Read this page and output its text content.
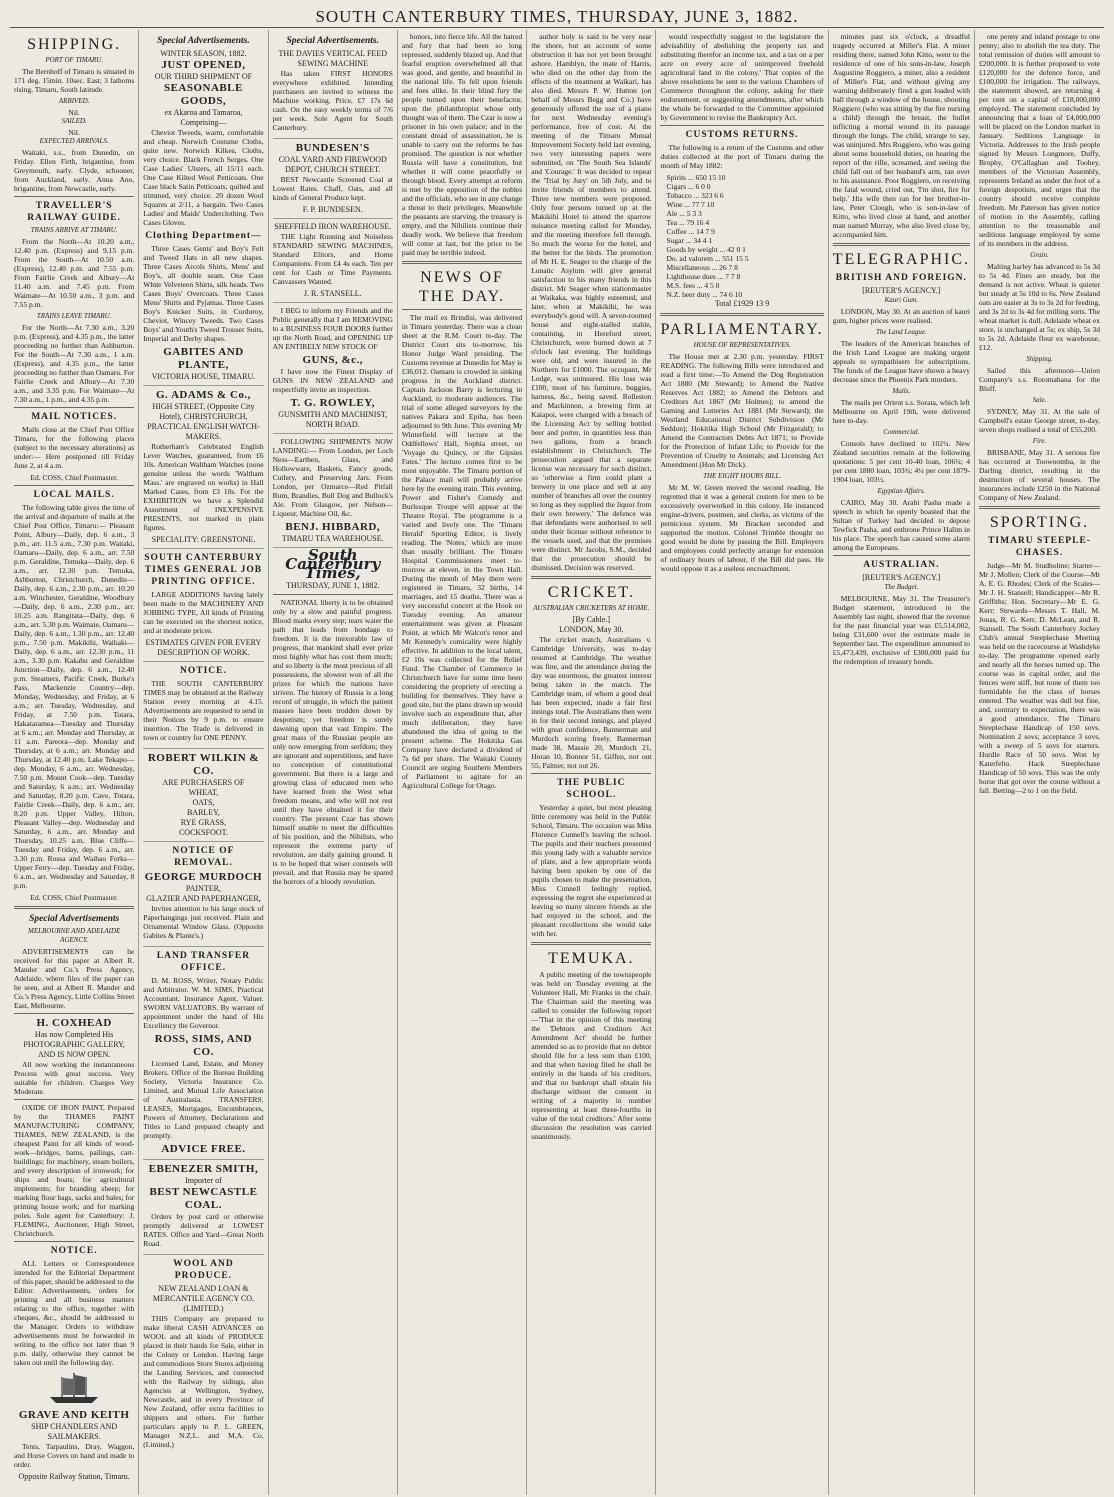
SOUTH CANTERBURY TIMES, THURSDAY, JUNE 3, 1882.
SHIPPING.
PORT OF TIMARU.

The Bernhoff of Timaru is situated in 171 deg. 15min. 10sec. East; 3 fathoms rising, Timaru, South latitude.

ARRIVED.
Nil.
SAILED.
Nil.
EXPECTED ARRIVALS.

Waitaki, s.s., from Dunedin, on Friday. Ellen Firth, brigantine, from Greymouth, early. Clyde, schooner, from Auckland, early. Anna Ano, brigantine, from Newcastle, early.

TRAVELLER'S RAILWAY GUIDE.
TRAINS ARRIVE AT TIMARU.

From the North—At 10.20 a.m., 12.40 p.m. (Express) and 9.15 p.m. From the South—At 10.50 a.m. (Express), 12.40 p.m. and 7.55 p.m. From Fairlie Creek and Albury—At 11.40 a.m. and 7.45 p.m. From Waimate—At 10.50 a.m., 3 p.m. and 7.55 p.m.

TRAINS LEAVE TIMARU.

For the North—At 7.30 a.m., 3.20 p.m. (Express), and 4.35 p.m., the latter proceeding no further than Ashburton. For the South—At 7.30 a.m., 1 a.m. (Express), and 4.35 p.m., the latter proceeding no further than Oamaru. For Fairlie Creek and Albury—At 7.30 a.m., and 3.35 p.m. For Waimate—At 7.30 a.m., 1 p.m., and 4.35 p.m.

MAIL NOTICES.

Mails close at the Chief Post Office Timaru, for the following places (subject to the necessary alterations) as under:— Here postponed till Friday June 2, at 4 a.m.

Ed. COSS, Chief Postmaster.
LOCAL MAILS.

The following table gives the time of the arrival and departure of mails at the Chief Post Office, Timaru:— Pleasant Point, Albury—Daily, dep. 6 a.m., 3 p.m., arr. 11.5 a.m., 7.30 p.m. Waitaki, Oamaru—Daily, dep. 6 a.m., arr. 7.50 p.m. Geraldine, Temuka—Daily, dep. 6 a.m., arr. 12.30 p.m. Temuka, Ashburton, Christchurch, Dunedin—Daily, dep. 6 a.m., 2.30 p.m., arr. 10.20 a.m. Winchester, Geraldine, Woodbury—Daily, dep. 6 a.m., 2.30 p.m., arr. 10.25 a.m. Rangitata—Daily, dep. 6 a.m., arr. 5.30 p.m. Waimate, Oamaru—Daily, dep. 6 a.m., 1.30 p.m., arr. 12.40 p.m., 7.50 p.m. Makikihi, Waihaki—Daily, dep. 6 a.m., arr. 12.30 p.m., 11 a.m., 3.30 p.m. Kakahu and Geraldine Junction—Daily, dep. 6 a.m., 12.40 p.m. Steamers, Pacific Creek, Burke's Pass, Mackenzie Country—dep. Monday, Wednesday, and Friday, at 6 a.m.; arr. Tuesday, Wednesday, and Friday, at 7.50 p.m. Totara, Hakataramea—Tuesday and Thursday at 6 a.m.; arr. Monday and Thursday, at 11 a.m. Pareora—dep. Monday and Thursday, at 6 a.m.; arr. Monday and Thursday, at 12.40 p.m. Lake Tekapo—dep. Monday, 6 a.m., arr. Wednesday, 7.50 p.m. Mount Cook—dep. Tuesday and Saturday, 6 a.m.; arr. Wednesday and Saturday, 8.20 p.m. Cave, Totara, Fairlie Creek—Daily, dep. 6 a.m., arr. 8.20 p.m. Upper Valley, Hilton, Pleasant Valley—dep. Wednesday and Saturday, 6 a.m., arr. Monday and Thursday, 10.25 a.m. Blue Cliffs—Tuesday and Friday, dep. 6 a.m., arr. 3.30 p.m. Rossa and Waihao Forks—Upper Ferry—dep. Tuesday and Friday, 6 a.m., arr. Wednesday and Saturday, 8 p.m.

Ed. COSS, Chief Postmaster.
Special Advertisements
MELBOURNE AND ADELAIDE AGENCY.

ADVERTISEMENTS can be received for this paper at Albert R. Mander and Co.'s Press Agency, Adelaide, where files of the paper can be seen, and at Albert R. Mander and Co.'s Press Agency, Little Collins Street East, Melbourne.

H. COXHEAD
Has now Completed His
PHOTOGRAPHIC GALLERY,
AND IS NOW OPEN.

All now working the instantaneous Process with great success. Very suitable for children. Charges Very Moderate.

OXIDE OF IRON PAINT, Prepared by the THAMES PAINT MANUFACTURING COMPANY, THAMES, NEW ZEALAND, is the cheapest Paint for all kinds of wood-work—bridges, barns, pailings, cart-buildings; for machinery, steam boilers, and every description of ironwork; for ships and boats; for agricultural implements; for branding sheep; for marking flour bags, sacks and bales; for priming house work; and for marking poles. Sole agent for Canterbury: J. FLEMING, Auctioneer, High Street, Christchurch.

NOTICE.

ALL Letters or Correspondence intended for the Editorial Department of this paper, should be addressed to the Editor. Advertisements, orders for printing and all business matters relating to the office, together with cheques, &c., should be addressed to the Manager. Orders to withdraw advertisements must be forwarded in writing to the office not later than 9 p.m. daily, otherwise they cannot be taken out until the following day.

GRAVE AND KEITH
SHIP CHANDLERS AND SAILMAKERS.

Tents, Tarpaulins, Dray, Waggon, and Horse Covers on hand and made to order.

Opposite Railway Station, Timaru.
Special Advertisements.
WINTER SEASON, 1882.
JUST OPENED,
OUR THIRD SHIPMENT OF
SEASONABLE GOODS,
ex Akaroa and Tamaroa,
Comprising—

Cheviot Tweeds, warm, comfortable and cheap. Norwich Costume Cloths, quite new. Norwich Kilkes, Cloths, very choice. Black French Serges. One Case Ladies' Ulsters, all 15/11 each. One Case Kilted Wool Petticoats. One Case black Satin Petticoats, quilted and trimmed, very choice. 20 dozen Wool Squares at 2/11, a bargain. Two Cases Ladies' and Maids' Underclothing. Two Cases Gloves.

Clothing Department—

Three Cases Gents' and Boy's Felt and Tweed Hats in all new shapes. Three Cases Arcols Shirts, Mens' and Boy's, all double seam. One Case White Velveteen Shirts, silk heads. Two Cases Boys' Overcoats. Three Cases Mens' Shirts and Pyjamas. Three Cases Boy's Knicker Suits, in Corduroy, Cheviot, Wincey Tweeds. Two Cases Boys' and Youth's Tweed Trouser Suits, Imperial and Derby shapes.

GABITES AND PLANTE,
VICTORIA HOUSE, TIMARU.
G. ADAMS & Co.,
HIGH STREET, (Opposite City Hotel), CHRISTCHURCH,
PRACTICAL ENGLISH WATCH-MAKERS.

Rotherham's Celebrated English Lever Watches, guaranteed, from £6 10s. American Waltham Watches (none genuine unless the words 'Waltham Mass.' are engraved on works) in Hall Marked Cases, from £3 10s. For the EXHIBITION we have a Splendid Assortment of INEXPENSIVE PRESENTS, not marked in plain figures.

SPECIALITY: GREENSTONE.
SOUTH CANTERBURY TIMES GENERAL JOB PRINTING OFFICE.

LARGE ADDITIONS having lately been made to the MACHINERY AND JOBBING TYPE, All kinds of Printing can be executed on the shortest notice, and at moderate prices.

ESTIMATES GIVEN FOR EVERY DESCRIPTION OF WORK.
NOTICE.

THE SOUTH CANTERBURY TIMES may be obtained at the Railway Station every morning at 4.15. Advertisements are requested to send in their Notices by 9 p.m. to ensure insertion. The Trade is delivered in town or country for ONE PENNY.

ROBERT WILKIN & CO.
ARE PURCHASERS OF
WHEAT,
OATS,
BARLEY,
RYE GRASS,
COCKSFOOT.
NOTICE OF REMOVAL.
GEORGE MURDOCH
PAINTER,
GLAZIER AND PAPERHANGER,

Invites attention to his large stock of Paperhangings just received. Plain and Ornamental Window Glass. (Opposite Gabites & Plante's.)

LAND TRANSFER OFFICE.

D. M. ROSS, Writer, Notary Public and Arbitrator. W. M. SIMS, Practical Accountant, Insurance Agent, Valuer. SWORN VALUATORS. By warrant of appointment under the hand of His Excellency the Governor.

ROSS, SIMS, AND CO.

Licensed Land, Estate, and Money Brokers. Office of the Bureau Building Society, Victoria Insurance Co. Limited, and Mutual Life Association of Australasia. TRANSFERS, LEASES, Mortgages, Encumbrances, Powers of Attorney, Declarations and Titles to Land prepared cheaply and promptly.

ADVICE FREE.
EBENEZER SMITH,
Importer of
BEST NEWCASTLE COAL.

Orders by post card or otherwise promptly delivered at LOWEST RATES. Office and Yard—Great North Road.

WOOL AND PRODUCE.
NEW ZEALAND LOAN & MERCANTILE AGENCY CO. (LIMITED.)

THIS Company are prepared to make liberal CASH ADVANCES on WOOL and all kinds of PRODUCE placed in their hands for Sale, either in the Colony or London. Having large and commodious Store Stores adjoining the Landing Services, and connected with the Railway by sidings, also Agencies at Wellington, Sydney, Newcastle, and in every Province of New Zealand, offer extra facilities to shippers and others. For further particulars apply to P. L. GREEN, Manager N.Z.L. and M.A. Co. (Limited.)

Special Advertisements.
THE DAVIES VERTICAL FEED SEWING MACHINE

Has taken FIRST HONORS everywhere exhibited. Intending purchasers are invited to witness the Machine working. Price, £7 17s 6d cash. On the easy weekly terms of 7/6 per week. Sole Agent for South Canterbury.

BUNDESEN'S
COAL YARD AND FIREWOOD DEPOT, CHURCH STREET.

BEST Newcastle Screened Coal at Lowest Rates. Chaff, Oats, and all kinds of General Produce kept.

F. P. BUNDESEN.
SHEFFIELD IRON WAREHOUSE.

THE Light Running and Noiseless STANDARD SEWING MACHINES, Standard Elitors, and Home Companions. From £4 4s each. Ten per cent for Cash or Time Payments. Canvassers Wanted.

J. R. STANSELL.

I BEG to inform my Friends and the Public generally that I am REMOVING to a BUSINESS FOUR DOORS further up the North Road, and OPENING UP AN ENTIRELY NEW STOCK OF

GUNS, &c.,

I have now the Finest Display of GUNS IN NEW ZEALAND and respectfully invite an inspection.

T. G. ROWLEY,
GUNSMITH AND MACHINIST, NORTH ROAD.

FOLLOWING SHIPMENTS NOW LANDING:— From London, per Loch Ness—Earthen, Glass, and Hollowware, Baskets, Fancy goods, Cutlery, and Preserving Jars. From London, per Ozmarce—Red Pitfall Rum, Brandies, Bull Dog and Bullock's Ale. From Glasgow, per Nelson—Liqueur, Machine Oil, &c.

BENJ. HIBBARD,
TIMARU TEA WAREHOUSE.
South Canterbury Times,
THURSDAY, JUNE 1, 1882.

NATIONAL liberty is to be obtained only by a slow and painful progress. Blood marks every step; tears water the path that leads from bondage to freedom. It is the inexorable law of progress, that mankind shall ever prize most highly what has cost them much; and so liberty is the most precious of all possessions, the slowest won of all the prizes for which the nations have striven. The history of Russia is a long record of struggle, in which the patient masses have been trodden down by despotism; yet freedom is surely dawning upon that vast Empire. The great mass of the Russian people are only now emerging from serfdom; they are ignorant and superstitious, and have no conception of constitutional government. But there is a large and growing class of educated men who have learned from the West what freedom means, and who will not rest until they have obtained it for their country. The present Czar has shown himself unable to meet the difficulties of his position, and the Nihilists, who represent the extreme party of revolution, are daily gaining ground. It is to be hoped that wiser counsels will prevail, and that Russia may be spared the horrors of a bloody revolution.

honors, into fierce life. All the hatred and fury that had been so long repressed, suddenly blazed up. And that fearful eruption overwhelmed all that was good, and gentle, and beautiful in the national life. To fell upon friends and foes alike. In their blind fury the people turned upon their benefactor, upon the philanthropist whose only thought was of them. The Czar is now a prisoner in his own palace; and in the constant dread of assassination, he is unable to carry out the reforms he has promised. The question is not whether Russia will have a constitution, but whether it will come peacefully or through blood. Every attempt at reform is met by the opposition of the nobles and the officials, who see in any change a threat to their privileges. Meanwhile the peasants are starving, the treasury is empty, and the Nihilists continue their deadly work. We believe that freedom will come at last, but the price to be paid may be terrible indeed.

NEWS OF THE DAY.

The mail ex Brindisi, was delivered in Timaru yesterday. There was a clean sheet at the R.M. Court to-day. The District Court sits to-morrow, his Honor Judge Ward presiding. The Customs revenue at Dunedin for May is £36,012. Oamaru is crowded in sinking progress in the Auckland district. Captain Jackson Barry is lecturing in Auckland, to moderate audiences. The trial of some alleged surveyors by the natives Pakara and Epiha, has been adjourned to 9th June. This evening Mr Winterfield will lecture at the Oddfellows' Hall, Sophia street, on 'Voyage du Quincy, or the Gipsies Fates.' The lecture comes first to be most enjoyable. The Timaru portion of the Palace mail will probably arrive here by the evening train. This evening, Power and Fisher's Comedy and Burlesque Troupe will appear at the Theatre Royal. The programme is a varied and lively one. The 'Timaru Herald' Sporting Editor, is lively reading. The 'Notes,' which are more than usually brilliant. The Timaru Hospital Commissioners meet to-morrow at eleven, in the Town Hall. During the month of May there were registered in Timaru, 32 births, 14 marriages, and 15 deaths. There was a very successful concert at the Hook on Tuesday evening. An amateur entertainment was given at Pleasant Point, at which Mr Walcot's tenor and Mr Kennedy's comicality were highly effective. In addition to the local talent, £2 10s was collected for the Relief Fund. The Chamber of Commerce in Christchurch have for some time been considering the propriety of erecting a building for themselves. They have a good site, but the plans drawn up would involve such an expenditure that, after much deliberation, they have abandoned the idea of going to the present scheme. The Hokitika Gas Company have declared a dividend of 7s 6d per share. The Waitaki County Council are urging Southern Members of Parliament to agitate for an Agricultural College for Otago.

author holy is said to be very near the shore, but an account of some obstruction it has not yet been brought ashore. Hamblyn, the mate of Harris, who died on the other day from the effects of the treatment at Waikari, has also died. Messrs P. W. Hutton (on behalf of Messrs Begg and Co.) have generously offered the use of a piano for next Wednesday evening's performance, free of cost. At the meeting of the Timaru Mutual Improvement Society held last evening, two very interesting papers were submitted, on 'The South Sea Islands' and 'Courage.' It was decided to repeat the 'Trial by Jury' on 5th July, and to invite friends of members to attend. Three new members were proposed. Only four persons turned up at the Makikihi Hotel to attend the sparrow nuisance meeting called for Monday, and the meeting therefore fell through. So much the worse for the hotel, and the better for the birds. The promotion of Mr H. E. Seager to the charge of the Lunatic Asylum will give general satisfaction to his many friends in this district. Mr Seager when stationmaster at Waikaka, was highly esteemed, and later, when at Makikihi, he was everybody's good will. A seven-roomed house and eight-stalled stable, containing, in Hereford street, Christchurch, were burned down at 7 o'clock last evening. The buildings were old, and were insured in the Northern for £1000. The occupant, Mr Lodge, was uninsured. His loss was £100, most of his furniture, buggies, harness, &c., being saved. Rolleston and Mackinnon, a brewing firm at Kaiapoi, were charged with a breach of the Licensing Act by selling bottled beer and porter, in quantities less than two gallons, from a branch establishment in Christchurch. The prosecution argued that a separate license was necessary for such distinct, so 'otherwise a firm could plant a brewery in one place and sell at any number of branches all over the country so long as they supplied the liquor from their own brewery.' The defence was that defendants were authorised to sell under their license without reference to the vessels used, and that the premises were distinct. Mr Jacobs, S.M., decided that the prosecution should be dismissed. Decision was reserved.

CRICKET.
AUSTRALIAN CRICKETERS AT HOME.
[By Cable.]
LONDON, May 30.

The cricket match, Australians v. Cambridge University, was to-day resumed at Cambridge. The weather was fine, and the attendance during the day was enormous, the greatest interest being taken in the match. The Cambridge team, of whom a good deal has been expected, made a fair first innings total. The Australians then went in for their second innings, and played with great confidence, Bannerman and Murdoch scoring freely. Bannerman made 38, Massie 20, Murdoch 21, Horan 10, Bonnor 51, Giffen, not out 55, Palmer, not out 26.

THE PUBLIC SCHOOL.

Yesterday a quiet, but most pleasing little ceremony was held in the Public School, Timaru. The occasion was Miss Florence Cunnell's leaving the school. The pupils and their teachers presented this young lady with a valuable service of plate, and a few appropriate words having been spoken by one of the pupils chosen to make the presentation, Miss Cunnell feelingly replied, expressing the regret she experienced at leaving so many sincere friends as she had enjoyed in the school, and the pleasant recollections she would take with her.

TEMUKA.

A public meeting of the townspeople was held on Tuesday evening at the Volunteer Hall, Mr Franks in the chair. The Chairman said the meeting was called to consider the following report—'That in the opinion of this meeting the 'Debtors and Creditors Act Amendment Act' should be further amended so as to provide that no debtor should file for a less sum than £100, and that when having filed he shall be entirely in the hands of his creditors, and that no bankrupt shall obtain his discharge without the consent in writing of a majority in number representing at least three-fourths in value of the total creditors.' After some discussion the resolution was carried unanimously.

would respectfully suggest to the legislature the advisability of abolishing the property tax and substituting therefor an income tax, and a tax on a per acre on every acre of unimproved freehold agricultural land in the colony.' That copies of the above resolutions be sent to the various Chambers of Commerce throughout the colony, asking for their endorsement, or suggesting amendments, after which the whole be forwarded to the Committee appointed by Government to revise the Bankruptcy Act.

CUSTOMS RETURNS.

The following is a return of the Customs and other duties collected at the port of Timaru during the month of May 1882:

Spirits ... 650 15 10
Cigars ... 6 0 0
Tobacco ... 323 6 6
Wine ... 77 7 10
Ale ... 5 3 3
Tea ... 79 16 4
Coffee ... 14 7 9
Sugar ... 34 4 1
Goods by weight ... 42 0 1
Do. ad valorem ... 551 15 5
Miscellaneous ... 26 7 8
Lighthouse dues ... 7 7 8
M.S. fees ... 4 5 0
N.Z. beer duty ... 74 6 10
Total £1929 13 9
PARLIAMENTARY.
HOUSE OF REPRESENTATIVES.

The House met at 2.30 p.m. yesterday. FIRST READING. The following Bills were introduced and read a first time:—To Amend the Dog Registration Act 1880 (Mr Steward); to Amend the Native Reserves Act 1882; to Amend the Debtors and Creditors Act 1867 (Mr Holmes); to amend the Gaming and Lotteries Act 1881 (Mr Steward); the Westland Educational District Subdivision (Mr Seddon); Hokitika High School (Mr Fitzgerald); to Amend the Contractors Debts Act 1871; to Provide for the Protection of Infant Life; to Provide for the Prevention of Cruelty to Animals; and Licensing Act Amendment (Hon Mr Dick).

THE EIGHT HOURS BILL.

Mr M. W. Green moved the second reading. He regretted that it was a general custom for men to be excessively overworked in this colony. He instanced engine-drivers, postmen, and clerks, as victims of the pernicious system. Mr Bracken seconded and supported the motion. Colonel Trimble thought no good would be done by passing the Bill. Employers and employees could perfectly arrange for extension of ordinary hours of labour, if the Bill did pass. He would oppose it as a useless encroachment.

minutes past six o'clock, a dreadful tragedy occurred at Miller's Flat. A miner residing there, named John Kitto, went to the residence of one of his sons-in-law, Joseph Augustine Roggiero, a miner, also a resident of Miller's Flat, and without giving any warning deliberately fired a gun loaded with ball through a window of the house, shooting Roggiero (who was sitting by the fire nursing a child) through the breast, the bullet inflicting a mortal wound in its passage through the lungs. The child, strange to say, was uninjured. Mrs Roggiero, who was going about some household duties, on hearing the report of the rifle, screamed, and seeing the child fall out of her husband's arm, ran over to his assistance. Poor Roggiero, on receiving the fatal wound, cried out, 'I'm shot, fire for help.' His wife then ran for her brother-in-law, Peter Clough, who is son-in-law of Kitto, who lived close at hand, and another man named Murray, who also lived close by, accompanied him.

TELEGRAPHIC.
BRITISH AND FOREIGN.
[REUTER'S AGENCY.]
Kauri Gum.

LONDON, May 30. At an auction of kauri gum, higher prices were realised.

The Land League.

The leaders of the American branches of the Irish Land League are making urgent appeals to sympathisers for subscriptions. The funds of the League have shown a heavy decrease since the Phoenix Park murders.

Mails.

The mails per Orient s.s. Sorata, which left Melbourne on April 19th, were delivered here to-day.

Commercial.

Consols have declined to 102¼. New Zealand securities remain at the following quotations: 5 per cent 10-40 loan, 106¼; 4 per cent 1880 loan, 103¾; 4¼ per cent 1879-1904 loan, 103½.

Egyptian Affairs.

CAIRO, May 30. Arabi Pasha made a speech in which he openly boasted that the Sultan of Turkey had decided to depose Tewfick Pasha, and enthrone Prince Halim in his place. The speech has caused some alarm among the Europeans.

AUSTRALIAN.
[REUTER'S AGENCY.]
The Budget.

MELBOURNE, May 31. The Treasurer's Budget statement, introduced in the Assembly last night, showed that the revenue for the past financial year was £5,514,002, being £31,600 over the estimate made in September last. The expenditure amounted to £5,473,439, exclusive of £300,000 paid for the redemption of treasury bonds.

one penny and inland postage to one penny; also to abolish the tea duty. The total remission of duties will amount to £200,000. It is further proposed to vote £120,000 for the defence force, and £100,000 for irrigation. The railways, the statement showed, are returning 4 per cent on a capital of £18,000,000 employed. The statement concluded by announcing that a loan of £4,000,000 will be placed on the London market in January. Seditious Language in Victoria. Addresses to the Irish people signed by Messrs Longmore, Duffy, Brophy, O'Callaghan and Toohey, members of the Victorian Assembly, represents Ireland as under the foot of a foreign despotism, and urges that the country should receive complete freedom. Mr Paterson has given notice of motion in the Assembly, calling attention to the treasonable and seditious language employed by some of its members in the address.

Grain.

Malting barley has advanced to 5s 3d to 5s 4d. Fines are steady, but the demand is not active. Wheat is quieter but steady at 5s 10d to 6s. New Zealand oats are easier at 3s to 3s 2d for feeding, and 3s 2d to 3s 4d for milling sorts. The wheat market is dull. Adelaide wheat ex store, is unchanged at 5s; ex ship, 5s 3d to 5s 2d. Adelaide flour ex warehouse, £12.

Shipping.

Sailed this afternoon—Union Company's s.s. Rotomahana for the Bluff.

Sale.

SYDNEY, May 31. At the sale of Campbell's estate George street, to-day, seven shops realised a total of £55,200.

Fire.

BRISBANE, May 31. A serious fire has occurred at Toowoomba, in the Darling district, resulting in the destruction of several houses. The insurances include £250 in the National Company of New Zealand.

SPORTING.
TIMARU STEEPLE-CHASES.

Judge—Mr M. Studholme; Starter—Mr J. Mollen; Clerk of the Course—Mr A. E. G. Rhodes; Clerk of the Scales—Mr J. H. Stansell; Handicapper—Mr R. Griffiths; Hon. Secretary—Mr E. G. Kerr; Stewards—Messrs T. Hall, M. Jonas, R. G. Kerr, D. McLean, and R. Stansell. The South Canterbury Jockey Club's annual Steeplechase Meeting was held on the racecourse at Washdyke to-day. The programme opened early and nearly all the horses turned up. The course was in capital order, and the fences were stiff, but none of them too formidable for the class of horses entered. The weather was dull but fine, and, contrary to expectation, there was a good attendance. The Timaru Steeplechase Handicap of 150 sovs. Nomination 2 sovs; acceptance 3 sovs, with a sweep of 5 sovs for starters. Hurdle Race of 50 sovs. Won by Katerfelto. Hack Steeplechase Handicap of 50 sovs. This was the only horse that got over the course without a fall. Betting—2 to 1 on the field.
